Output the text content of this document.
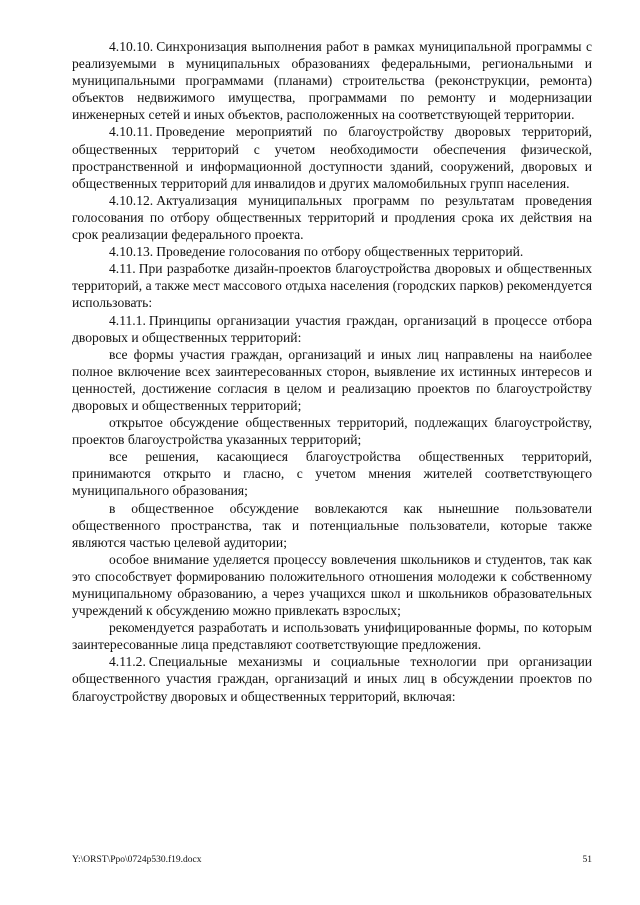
4.10.10. Синхронизация выполнения работ в рамках муниципальной программы с реализуемыми в муниципальных образованиях федеральными, региональными и муниципальными программами (планами) строительства (реконструкции, ремонта) объектов недвижимого имущества, программами по ремонту и модернизации инженерных сетей и иных объектов, расположенных на соответствующей территории.

4.10.11. Проведение мероприятий по благоустройству дворовых территорий, общественных территорий с учетом необходимости обеспечения физической, пространственной и информационной доступности зданий, сооружений, дворовых и общественных территорий для инвалидов и других маломобильных групп населения.

4.10.12. Актуализация муниципальных программ по результатам проведения голосования по отбору общественных территорий и продления срока их действия на срок реализации федерального проекта.

4.10.13. Проведение голосования по отбору общественных территорий.

4.11. При разработке дизайн-проектов благоустройства дворовых и общественных территорий, а также мест массового отдыха населения (городских парков) рекомендуется использовать:

4.11.1. Принципы организации участия граждан, организаций в процессе отбора дворовых и общественных территорий:

все формы участия граждан, организаций и иных лиц направлены на наиболее полное включение всех заинтересованных сторон, выявление их истинных интересов и ценностей, достижение согласия в целом и реализацию проектов по благоустройству дворовых и общественных территорий;

открытое обсуждение общественных территорий, подлежащих благоустройству, проектов благоустройства указанных территорий;

все решения, касающиеся благоустройства общественных территорий, принимаются открыто и гласно, с учетом мнения жителей соответствующего муниципального образования;

в общественное обсуждение вовлекаются как нынешние пользователи общественного пространства, так и потенциальные пользователи, которые также являются частью целевой аудитории;

особое внимание уделяется процессу вовлечения школьников и студентов, так как это способствует формированию положительного отношения молодежи к собственному муниципальному образованию, а через учащихся школ и школьников образовательных учреждений к обсуждению можно привлекать взрослых;

рекомендуется разработать и использовать унифицированные формы, по которым заинтересованные лица представляют соответствующие предложения.

4.11.2. Специальные механизмы и социальные технологии при организации общественного участия граждан, организаций и иных лиц в обсуждении проектов по благоустройству дворовых и общественных территорий, включая:

Y:\ORST\Ppo\0724p530.f19.docx	51
